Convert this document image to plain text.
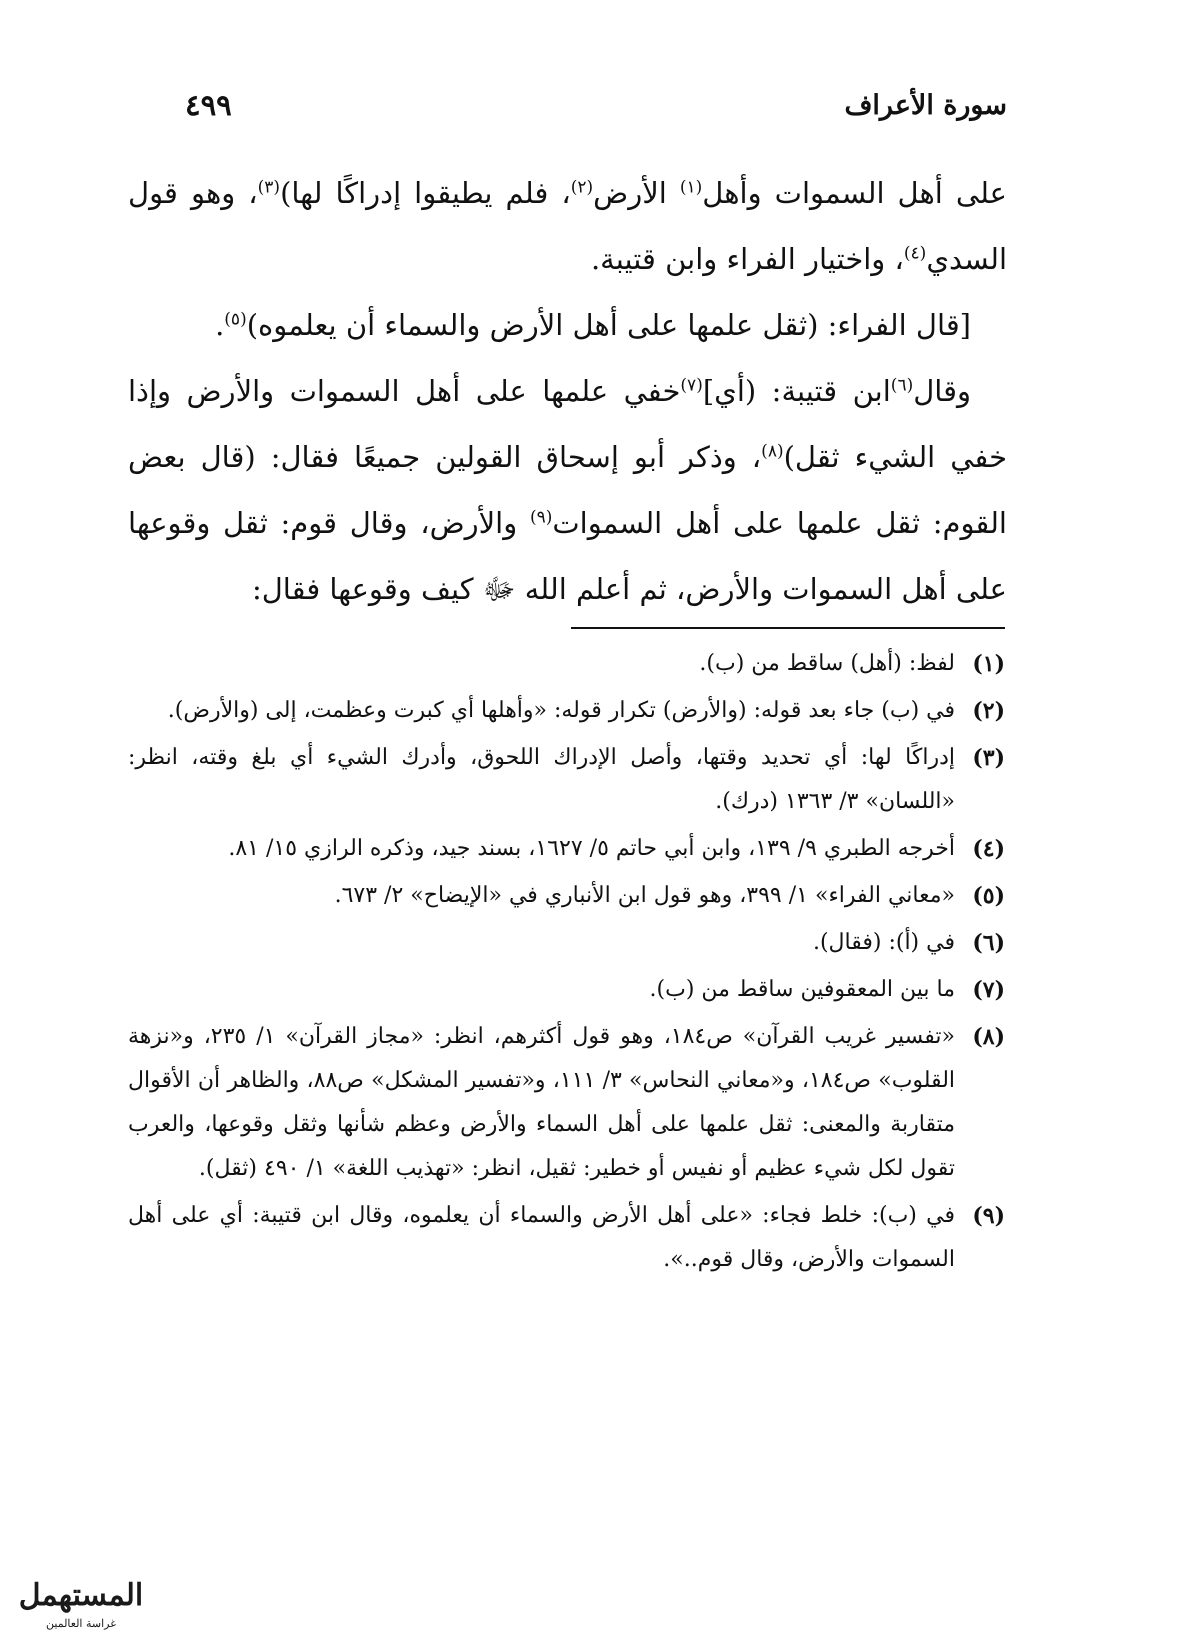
سورة الأعراف
٤٩٩

على أهل السموات وأهل$^{(١)}$ الأرض$^{(٢)}$، فلم يطيقوا إدراكًا لها)$^{(٣)}$، وهو قول السدي$^{(٤)}$، واختيار الفراء وابن قتيبة.

[قال الفراء: (ثقل علمها على أهل الأرض والسماء أن يعلموه)$^{(٥)}$.

وقال$^{(٦)}$ابن قتيبة: (أي]$^{(٧)}$خفي علمها على أهل السموات والأرض وإذا خفي الشيء ثقل)$^{(٨)}$، وذكر أبو إسحاق القولين جميعًا فقال: (قال بعض القوم: ثقل علمها على أهل السموات$^{(٩)}$ والأرض، وقال قوم: ثقل وقوعها على أهل السموات والأرض، ثم أعلم الله ﷻ كيف وقوعها فقال:

(١)
لفظ: (أهل) ساقط من (ب).
(٢)
في (ب) جاء بعد قوله: (والأرض) تكرار قوله: «وأهلها أي كبرت وعظمت، إلى (والأرض).
(٣)
إدراكًا لها: أي تحديد وقتها، وأصل الإدراك اللحوق، وأدرك الشيء أي بلغ وقته، انظر: «اللسان» ٣/ ١٣٦٣ (درك).
(٤)
أخرجه الطبري ٩/ ١٣٩، وابن أبي حاتم ٥/ ١٦٢٧، بسند جيد، وذكره الرازي ١٥/ ٨١.
(٥)
«معاني الفراء» ١/ ٣٩٩، وهو قول ابن الأنباري في «الإيضاح» ٢/ ٦٧٣.
(٦)
في (أ): (فقال).
(٧)
ما بين المعقوفين ساقط من (ب).
(٨)
«تفسير غريب القرآن» ص١٨٤، وهو قول أكثرهم، انظر: «مجاز القرآن» ١/ ٢٣٥، و«نزهة القلوب» ص١٨٤، و«معاني النحاس» ٣/ ١١١، و«تفسير المشكل» ص٨٨، والظاهر أن الأقوال متقاربة والمعنى: ثقل علمها على أهل السماء والأرض وعظم شأنها وثقل وقوعها، والعرب تقول لكل شيء عظيم أو نفيس أو خطير: ثقيل، انظر: «تهذيب اللغة» ١/ ٤٩٠ (ثقل).
(٩)
في (ب): خلط فجاء: «على أهل الأرض والسماء أن يعلموه، وقال ابن قتيبة: أي على أهل السموات والأرض، وقال قوم..».
المستهمل
غراسة العالمين
